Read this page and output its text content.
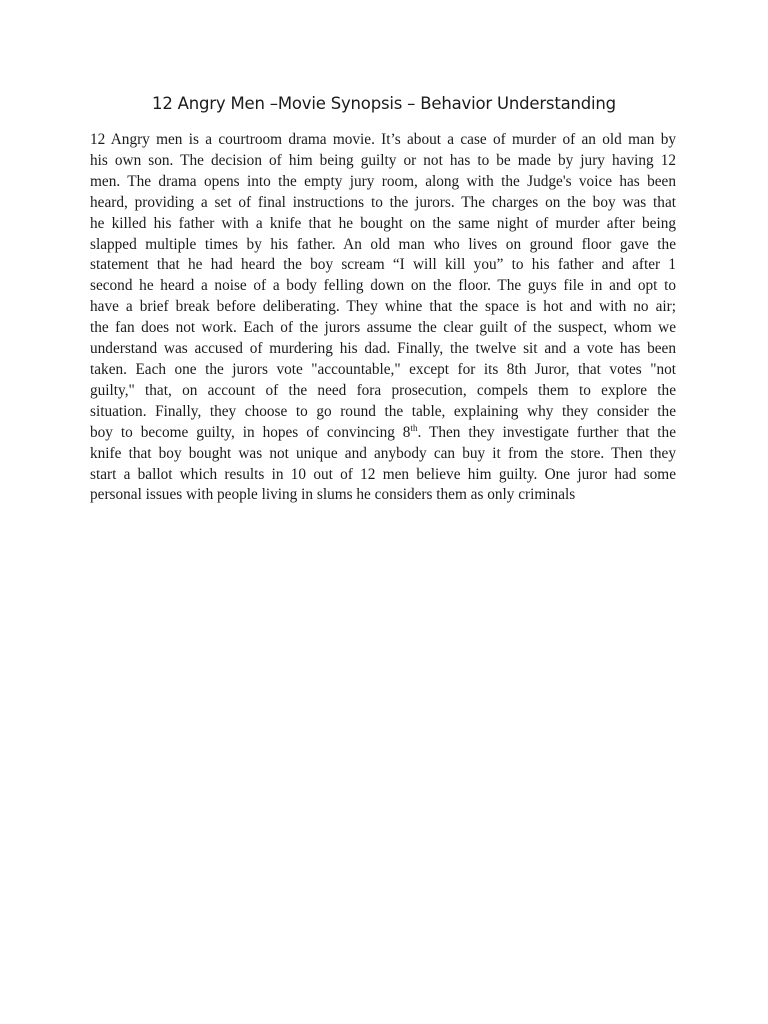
12 Angry Men –Movie Synopsis – Behavior Understanding
12 Angry men is a courtroom drama movie. It’s about a case of murder of an old man by
his own son. The decision of him being guilty or not has to be made by jury having 12
men. The drama opens into the empty jury room, along with the Judge's voice has been
heard, providing a set of final instructions to the jurors. The charges on the boy was that
he killed his father with a knife that he bought on the same night of murder after being
slapped multiple times by his father. An old man who lives on ground floor gave the
statement that he had heard the boy scream “I will kill you” to his father and after 1
second he heard a noise of a body felling down on the floor. The guys file in and opt to
have a brief break before deliberating. They whine that the space is hot and with no air;
the fan does not work. Each of the jurors assume the clear guilt of the suspect, whom we
understand was accused of murdering his dad. Finally, the twelve sit and a vote has been
taken. Each one the jurors vote "accountable," except for its 8th Juror, that votes "not
guilty," that, on account of the need fora prosecution, compels them to explore the
situation. Finally, they choose to go round the table, explaining why they consider the
boy to become guilty, in hopes of convincing 8th. Then they investigate further that the
knife that boy bought was not unique and anybody can buy it from the store. Then they
start a ballot which results in 10 out of 12 men believe him guilty. One juror had some
personal issues with people living in slums he considers them as only criminals
